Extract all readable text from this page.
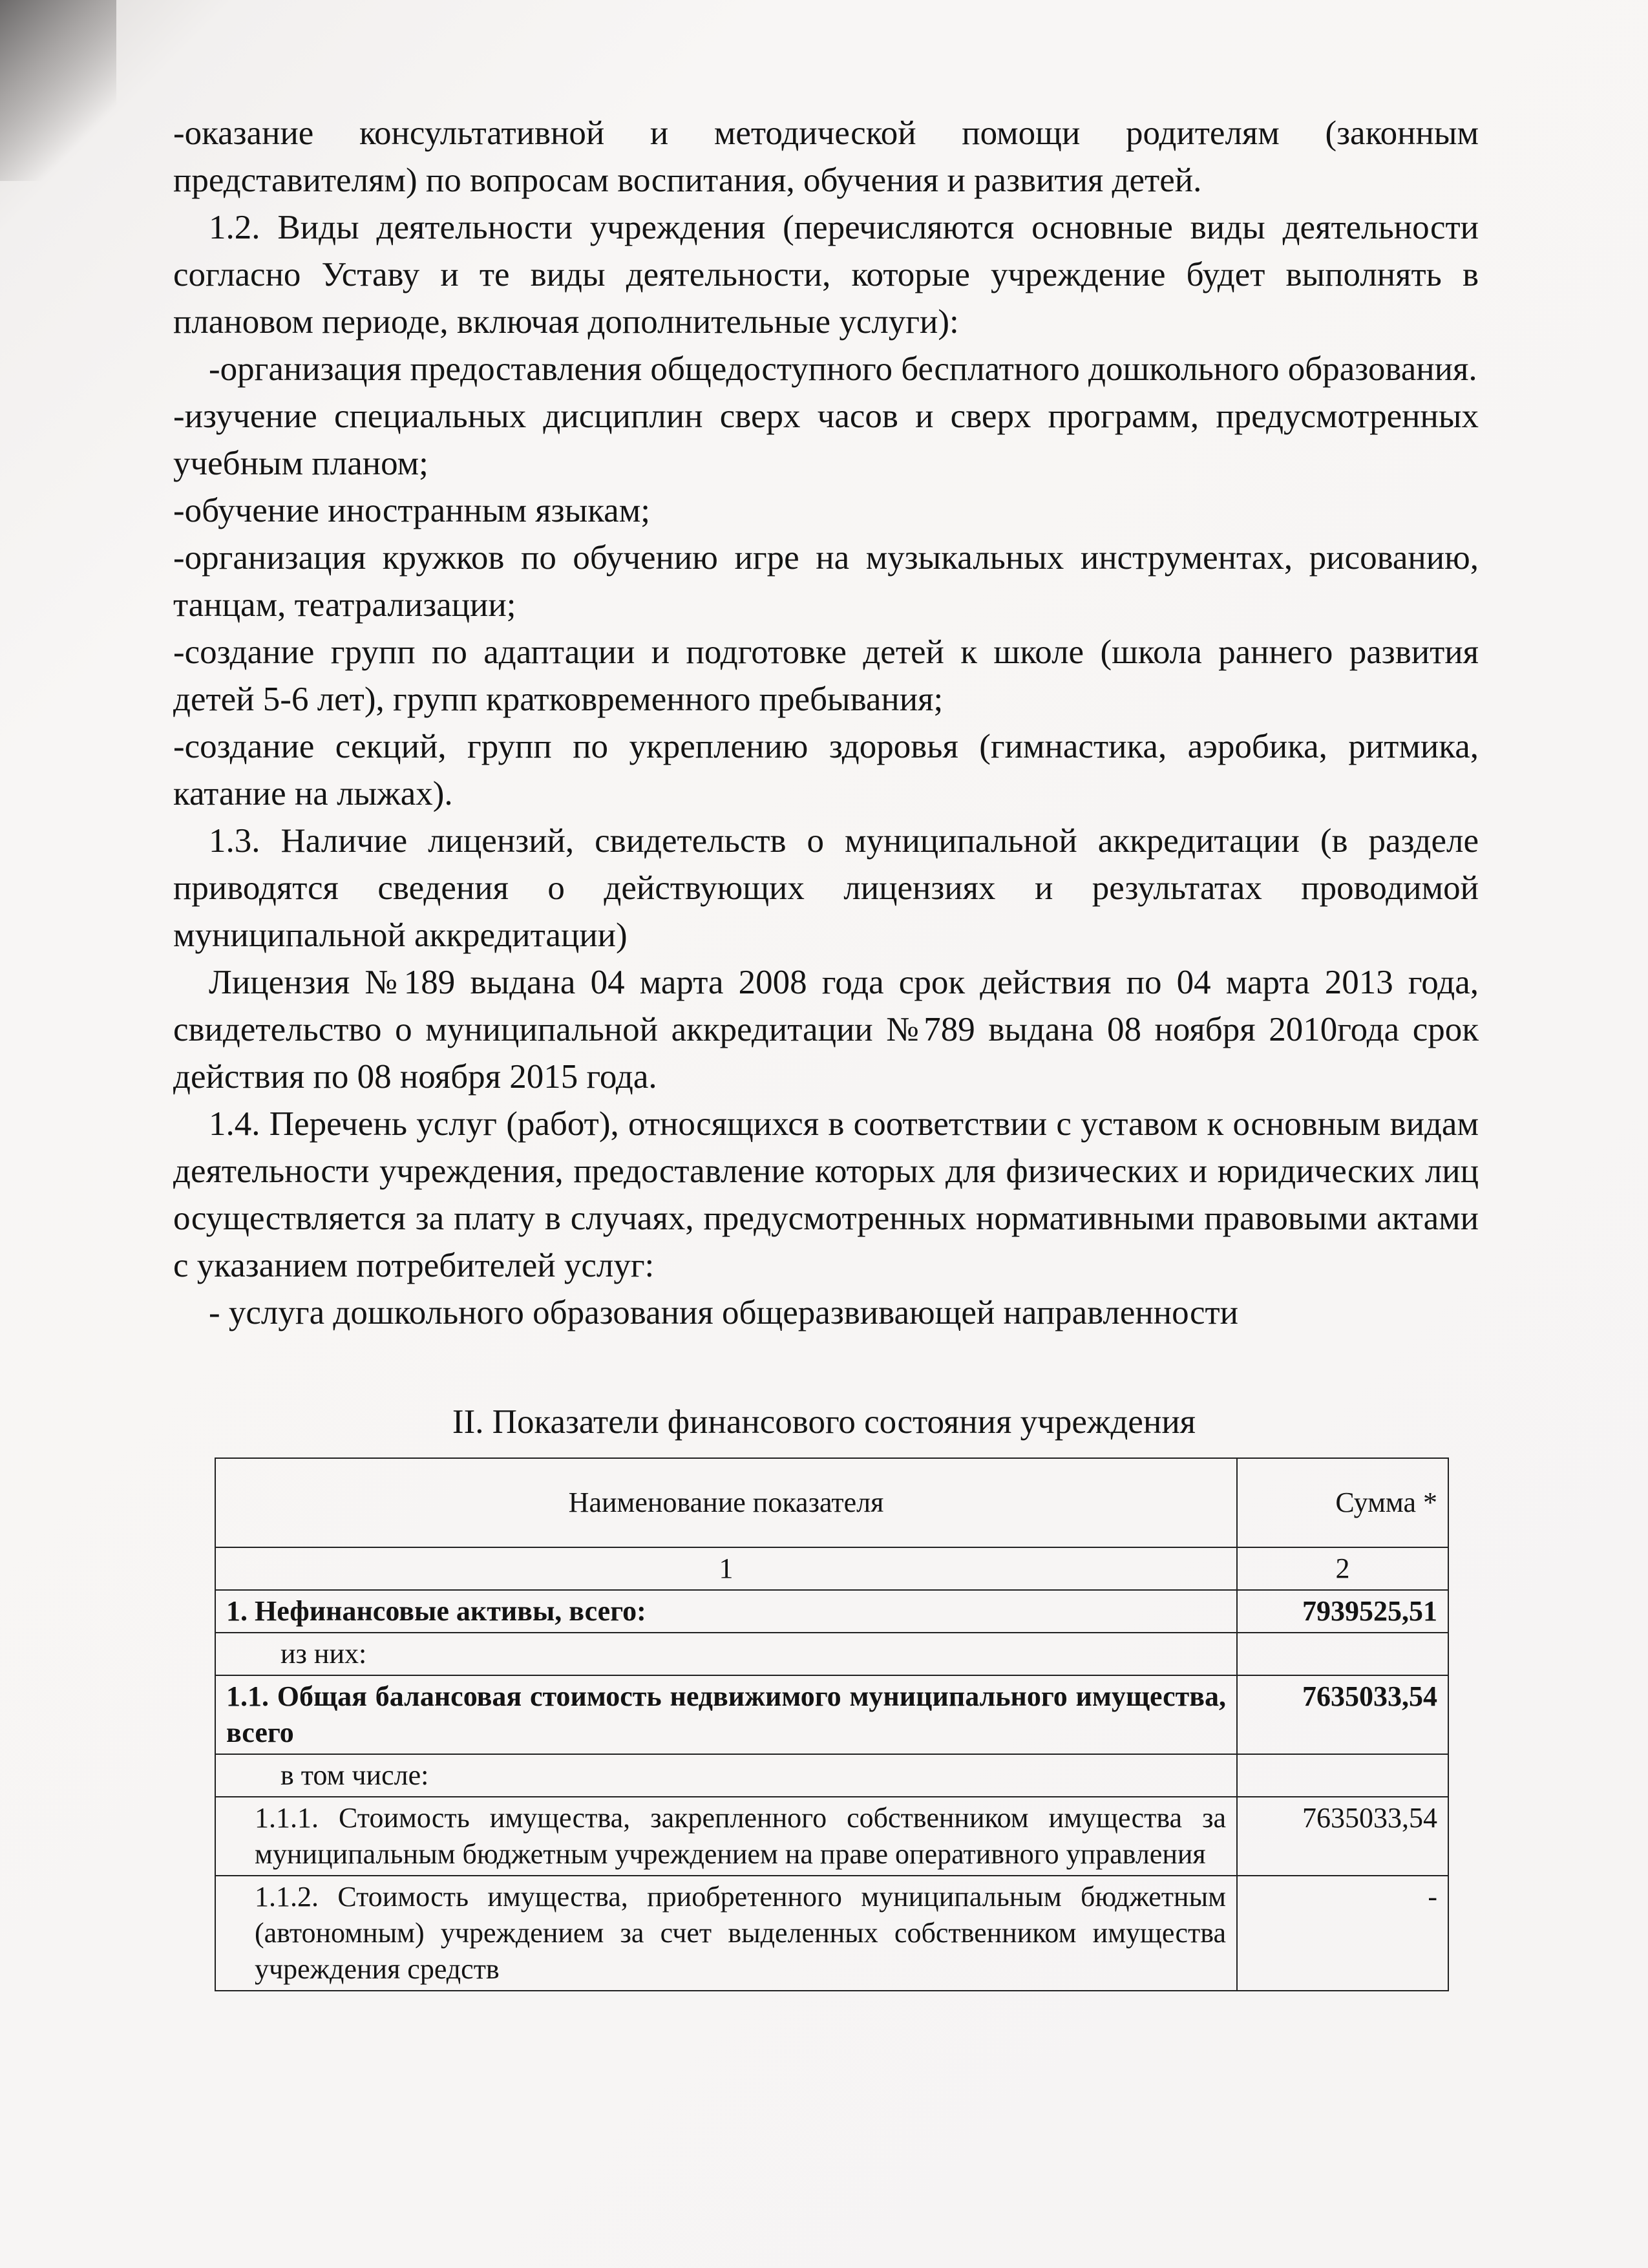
-оказание консультативной и методической помощи родителям (законным представителям) по вопросам воспитания, обучения и развития детей.

1.2. Виды деятельности учреждения (перечисляются основные виды деятельности согласно Уставу и те виды деятельности, которые учреждение будет выполнять в плановом периоде, включая дополнительные услуги):

-организация предоставления общедоступного бесплатного дошкольного образования.

-изучение специальных дисциплин сверх часов и сверх программ, предусмотренных учебным планом;

-обучение иностранным языкам;

-организация кружков по обучению игре на музыкальных инструментах, рисованию, танцам, театрализации;

-создание групп по адаптации и подготовке детей к школе (школа раннего развития детей 5-6 лет), групп кратковременного пребывания;

-создание секций, групп по укреплению здоровья (гимнастика, аэробика, ритмика, катание на лыжах).

1.3. Наличие лицензий, свидетельств о муниципальной аккредитации (в разделе приводятся сведения о действующих лицензиях и результатах проводимой муниципальной аккредитации)

Лицензия №189 выдана 04 марта 2008 года срок действия по 04 марта 2013 года, свидетельство о муниципальной аккредитации №789 выдана 08 ноября 2010года срок действия по 08 ноября 2015 года.

1.4. Перечень услуг (работ), относящихся в соответствии с уставом к основным видам деятельности учреждения, предоставление которых для физических и юридических лиц осуществляется за плату в случаях, предусмотренных нормативными правовыми актами с указанием потребителей услуг:

- услуга дошкольного образования общеразвивающей направленности

II. Показатели финансового состояния учреждения
Наименование показателя	Сумма *
1	2
1. Нефинансовые активы, всего:	7939525,51
из них:	
1.1. Общая балансовая стоимость недвижимого муниципального имущества, всего	7635033,54
в том числе:	
1.1.1. Стоимость имущества, закрепленного собственником имущества за муниципальным бюджетным учреждением на праве оперативного управления	7635033,54
1.1.2. Стоимость имущества, приобретенного муниципальным бюджетным (автономным) учреждением за счет выделенных собственником имущества учреждения средств	-
